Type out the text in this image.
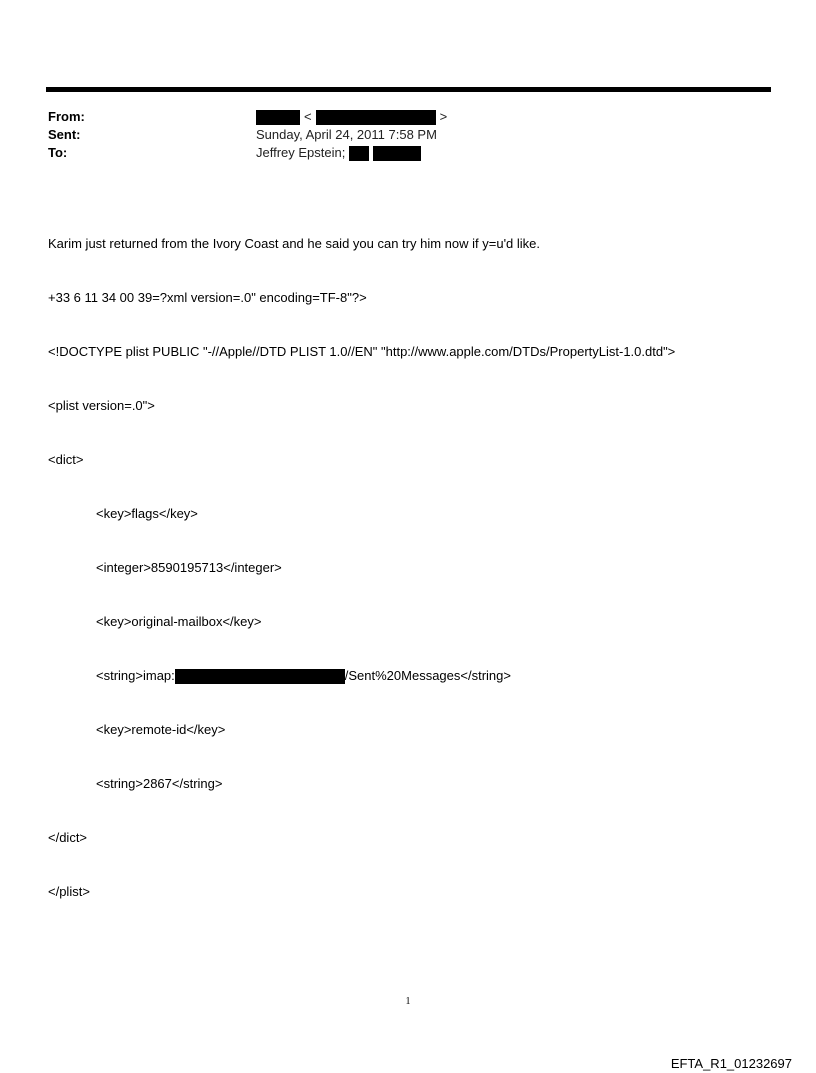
From:	<	>
Sent:	Sunday, April 24, 2011 7:58 PM
To:	Jeffrey Epstein;

Karim just returned from the Ivory Coast and he said you can try him now if y=u'd like.

+33 6 11 34 00 39=?xml version=.0" encoding=TF-8"?>

<!DOCTYPE plist PUBLIC "-//Apple//DTD PLIST 1.0//EN" "http://www.apple.com/DTDs/PropertyList-1.0.dtd">

<plist version=.0">

<dict>

<key>flags</key>

<integer>8590195713</integer>

<key>original-mailbox</key>

<string>imap:	/Sent%20Messages</string>

<key>remote-id</key>

<string>2867</string>

</dict>

</plist>

1
EFTA_R1_01232697
